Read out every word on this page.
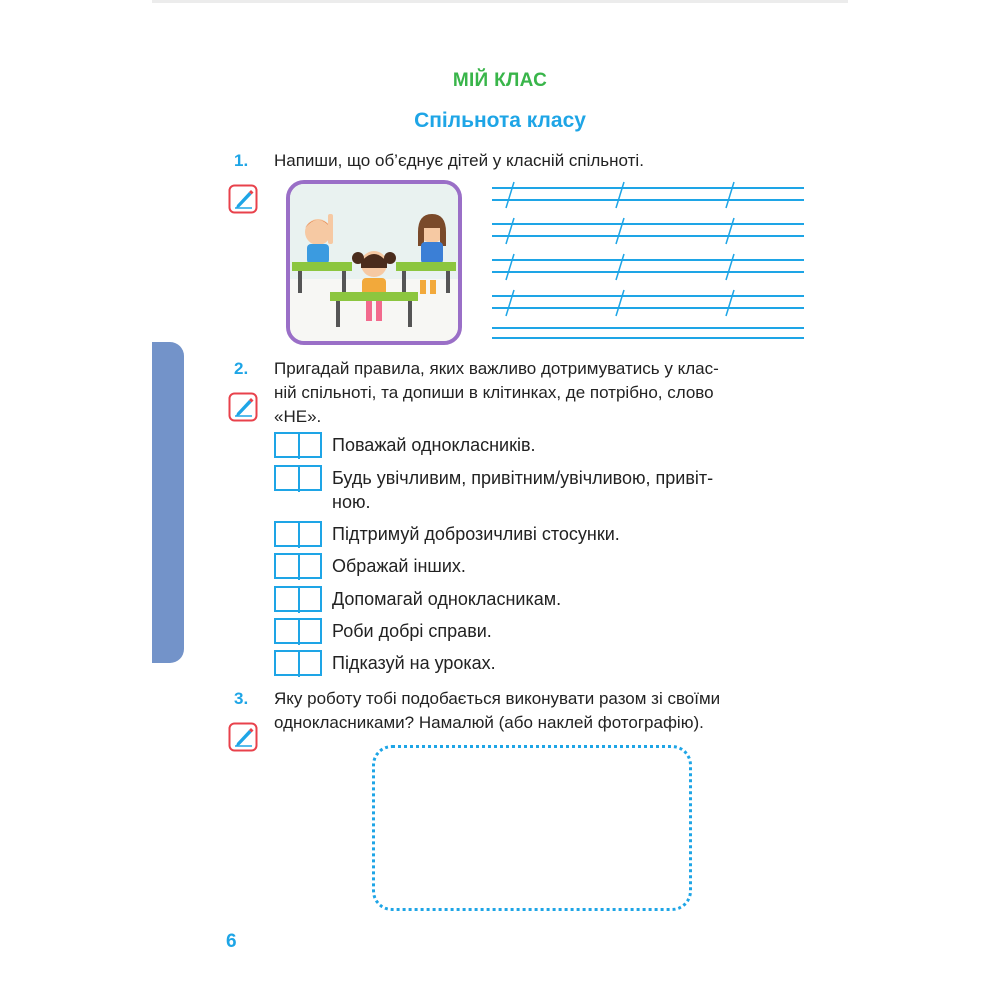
МІЙ КЛАС
Спільнота класу
1. Напиши, що об’єднує дітей у класній спільноті.
2. Пригадай правила, яких важливо дотримуватись у клас-
ній спільноті, та допиши в клітинках, де потрібно, слово
«НЕ».
Поважай однокласників.
Будь увічливим, привітним/увічливою, привіт-
ною.
Підтримуй доброзичливі стосунки.
Ображай інших.
Допомагай однокласникам.
Роби добрі справи.
Підказуй на уроках.
3. Яку роботу тобі подобається виконувати разом зі своїми
однокласниками? Намалюй (або наклей фотографію).
6
